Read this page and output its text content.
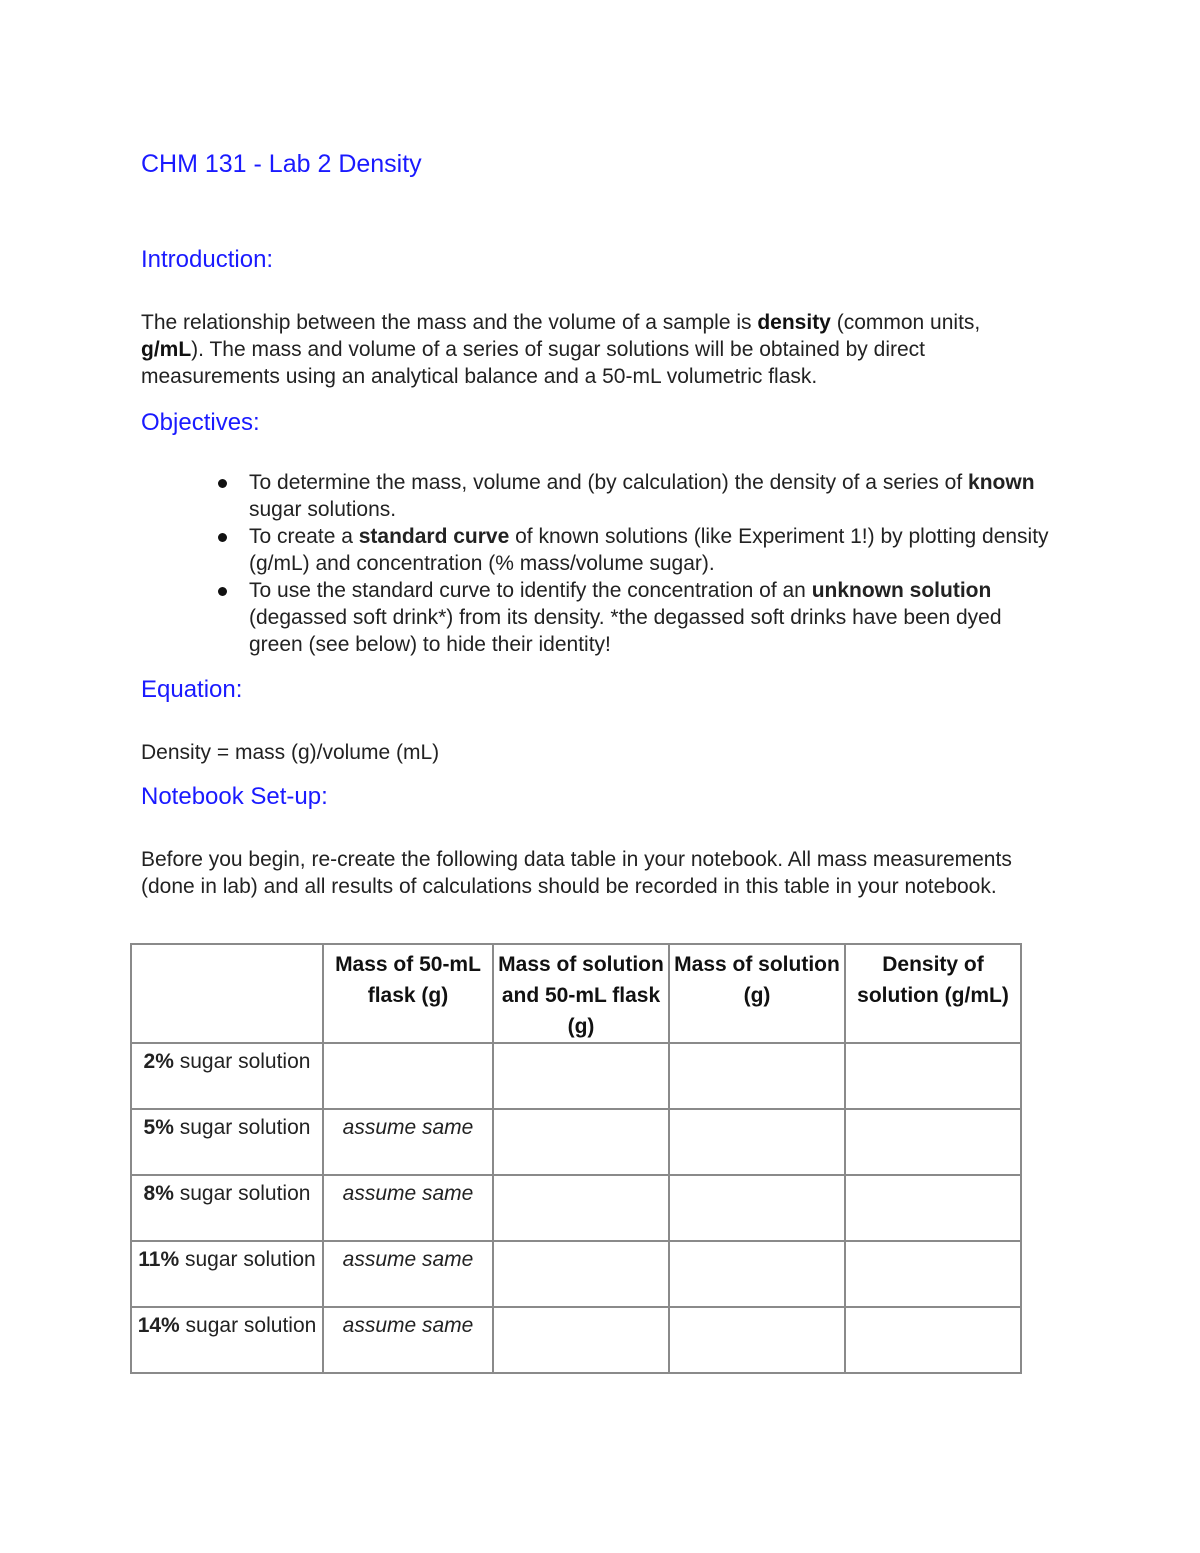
CHM 131 - Lab 2 Density
Introduction:
The relationship between the mass and the volume of a sample is density (common units, g/mL). The mass and volume of a series of sugar solutions will be obtained by direct measurements using an analytical balance and a 50-mL volumetric flask.
Objectives:
To determine the mass, volume and (by calculation) the density of a series of known sugar solutions.
To create a standard curve of known solutions (like Experiment 1!) by plotting density (g/mL) and concentration (% mass/volume sugar).
To use the standard curve to identify the concentration of an unknown solution (degassed soft drink*) from its density. *the degassed soft drinks have been dyed green (see below) to hide their identity!
Equation:
Density = mass (g)/volume (mL)
Notebook Set-up:
Before you begin, re-create the following data table in your notebook. All mass measurements (done in lab) and all results of calculations should be recorded in this table in your notebook.
	Mass of 50-mL flask (g)	Mass of solution and 50-mL flask (g)	Mass of solution (g)	Density of solution (g/mL)
2% sugar solution				
5% sugar solution	assume same			
8% sugar solution	assume same			
11% sugar solution	assume same			
14% sugar solution	assume same			
